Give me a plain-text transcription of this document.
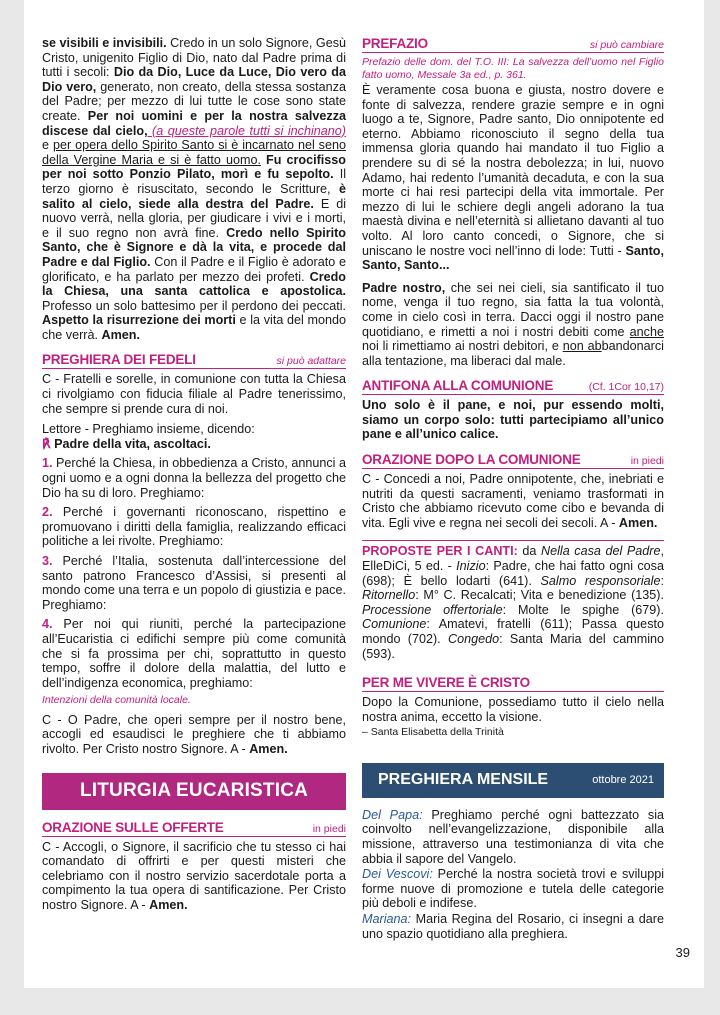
se visibili e invisibili. Credo in un solo Signore, Gesù Cristo, unigenito Figlio di Dio, nato dal Padre prima di tutti i secoli: Dio da Dio, Luce da Luce, Dio vero da Dio vero, generato, non creato, della stessa sostanza del Padre; per mezzo di lui tutte le cose sono state create. Per noi uomini e per la nostra salvezza discese dal cielo, (a queste parole tutti si inchinano) e per opera dello Spirito Santo si è incarnato nel seno della Vergine Maria e si è fatto uomo. Fu crocifisso per noi sotto Ponzio Pilato, morì e fu sepolto. Il terzo giorno è risuscitato, secondo le Scritture, è salito al cielo, siede alla destra del Padre. E di nuovo verrà, nella gloria, per giudicare i vivi e i morti, e il suo regno non avrà fine. Credo nello Spirito Santo, che è Signore e dà la vita, e procede dal Padre e dal Figlio. Con il Padre e il Figlio è adorato e glorificato, e ha parlato per mezzo dei profeti. Credo la Chiesa, una santa cattolica e apostolica. Professo un solo battesimo per il perdono dei peccati. Aspetto la risurrezione dei morti e la vita del mondo che verrà. Amen.

PREGHIERA DEI FEDELI	si può adattare

C - Fratelli e sorelle, in comunione con tutta la Chiesa ci rivolgiamo con fiducia filiale al Padre tenerissimo, che sempre si prende cura di noi.

Lettore - Preghiamo insieme, dicendo:

℟ Padre della vita, ascoltaci.

1. Perché la Chiesa, in obbedienza a Cristo, annunci a ogni uomo e a ogni donna la bellezza del progetto che Dio ha su di loro. Preghiamo:

2. Perché i governanti riconoscano, rispettino e promuovano i diritti della famiglia, realizzando efficaci politiche a lei rivolte. Preghiamo:

3. Perché l’Italia, sostenuta dall’intercessione del santo patrono Francesco d’Assisi, si presenti al mondo come una terra e un popolo di giustizia e pace. Preghiamo:

4. Per noi qui riuniti, perché la partecipazione all’Eucaristia ci edifichi sempre più come comunità che si fa prossima per chi, soprattutto in questo tempo, soffre il dolore della malattia, del lutto e dell’indigenza economica, preghiamo:

Intenzioni della comunità locale.

C - O Padre, che operi sempre per il nostro bene, accogli ed esaudisci le preghiere che ti abbiamo rivolto. Per Cristo nostro Signore. A - Amen.

LITURGIA EUCARISTICA
ORAZIONE SULLE OFFERTE	in piedi

C - Accogli, o Signore, il sacrificio che tu stesso ci hai comandato di offrirti e per questi misteri che celebriamo con il nostro servizio sacerdotale porta a compimento la tua opera di santificazione. Per Cristo nostro Signore. A - Amen.

PREFAZIO	si può cambiare

Prefazio delle dom. del T.O. III: La salvezza dell’uomo nel Figlio fatto uomo, Messale 3a ed., p. 361.

È veramente cosa buona e giusta, nostro dovere e fonte di salvezza, rendere grazie sempre e in ogni luogo a te, Signore, Padre santo, Dio onnipotente ed eterno. Abbiamo riconosciuto il segno della tua immensa gloria quando hai mandato il tuo Figlio a prendere su di sé la nostra debolezza; in lui, nuovo Adamo, hai redento l’umanità decaduta, e con la sua morte ci hai resi partecipi della vita immortale. Per mezzo di lui le schiere degli angeli adorano la tua maestà divina e nell’eternità si allietano davanti al tuo volto. Al loro canto concedi, o Signore, che si uniscano le nostre voci nell’inno di lode: Tutti - Santo, Santo, Santo...

Padre nostro, che sei nei cieli, sia santificato il tuo nome, venga il tuo regno, sia fatta la tua volontà, come in cielo così in terra. Dacci oggi il nostro pane quotidiano, e rimetti a noi i nostri debiti come anche noi li rimettiamo ai nostri debitori, e non abbandonarci alla tentazione, ma liberaci dal male.

ANTIFONA ALLA COMUNIONE	(Cf. 1Cor 10,17)

Uno solo è il pane, e noi, pur essendo molti, siamo un corpo solo: tutti partecipiamo all’unico pane e all’unico calice.

ORAZIONE DOPO LA COMUNIONE	in piedi

C - Concedi a noi, Padre onnipotente, che, inebriati e nutriti da questi sacramenti, veniamo trasformati in Cristo che abbiamo ricevuto come cibo e bevanda di vita. Egli vive e regna nei secoli dei secoli. A - Amen.

PROPOSTE PER I CANTI: da Nella casa del Padre, ElleDiCi, 5 ed. - Inizio: Padre, che hai fatto ogni cosa (698); È bello lodarti (641). Salmo responsoriale: Ritornello: M° C. Recalcati; Vita e benedizione (135). Processione offertoriale: Molte le spighe (679). Comunione: Amatevi, fratelli (611); Passa questo mondo (702). Congedo: Santa Maria del cammino (593).

PER ME VIVERE È CRISTO

Dopo la Comunione, possediamo tutto il cielo nella nostra anima, eccetto la visione.

– Santa Elisabetta della Trinità

PREGHIERA MENSILE	ottobre 2021

Del Papa: Preghiamo perché ogni battezzato sia coinvolto nell’evangelizzazione, disponibile alla missione, attraverso una testimonianza di vita che abbia il sapore del Vangelo.

Dei Vescovi: Perché la nostra società trovi e sviluppi forme nuove di promozione e tutela delle categorie più deboli e indifese.

Mariana: Maria Regina del Rosario, ci insegni a dare uno spazio quotidiano alla preghiera.

39
